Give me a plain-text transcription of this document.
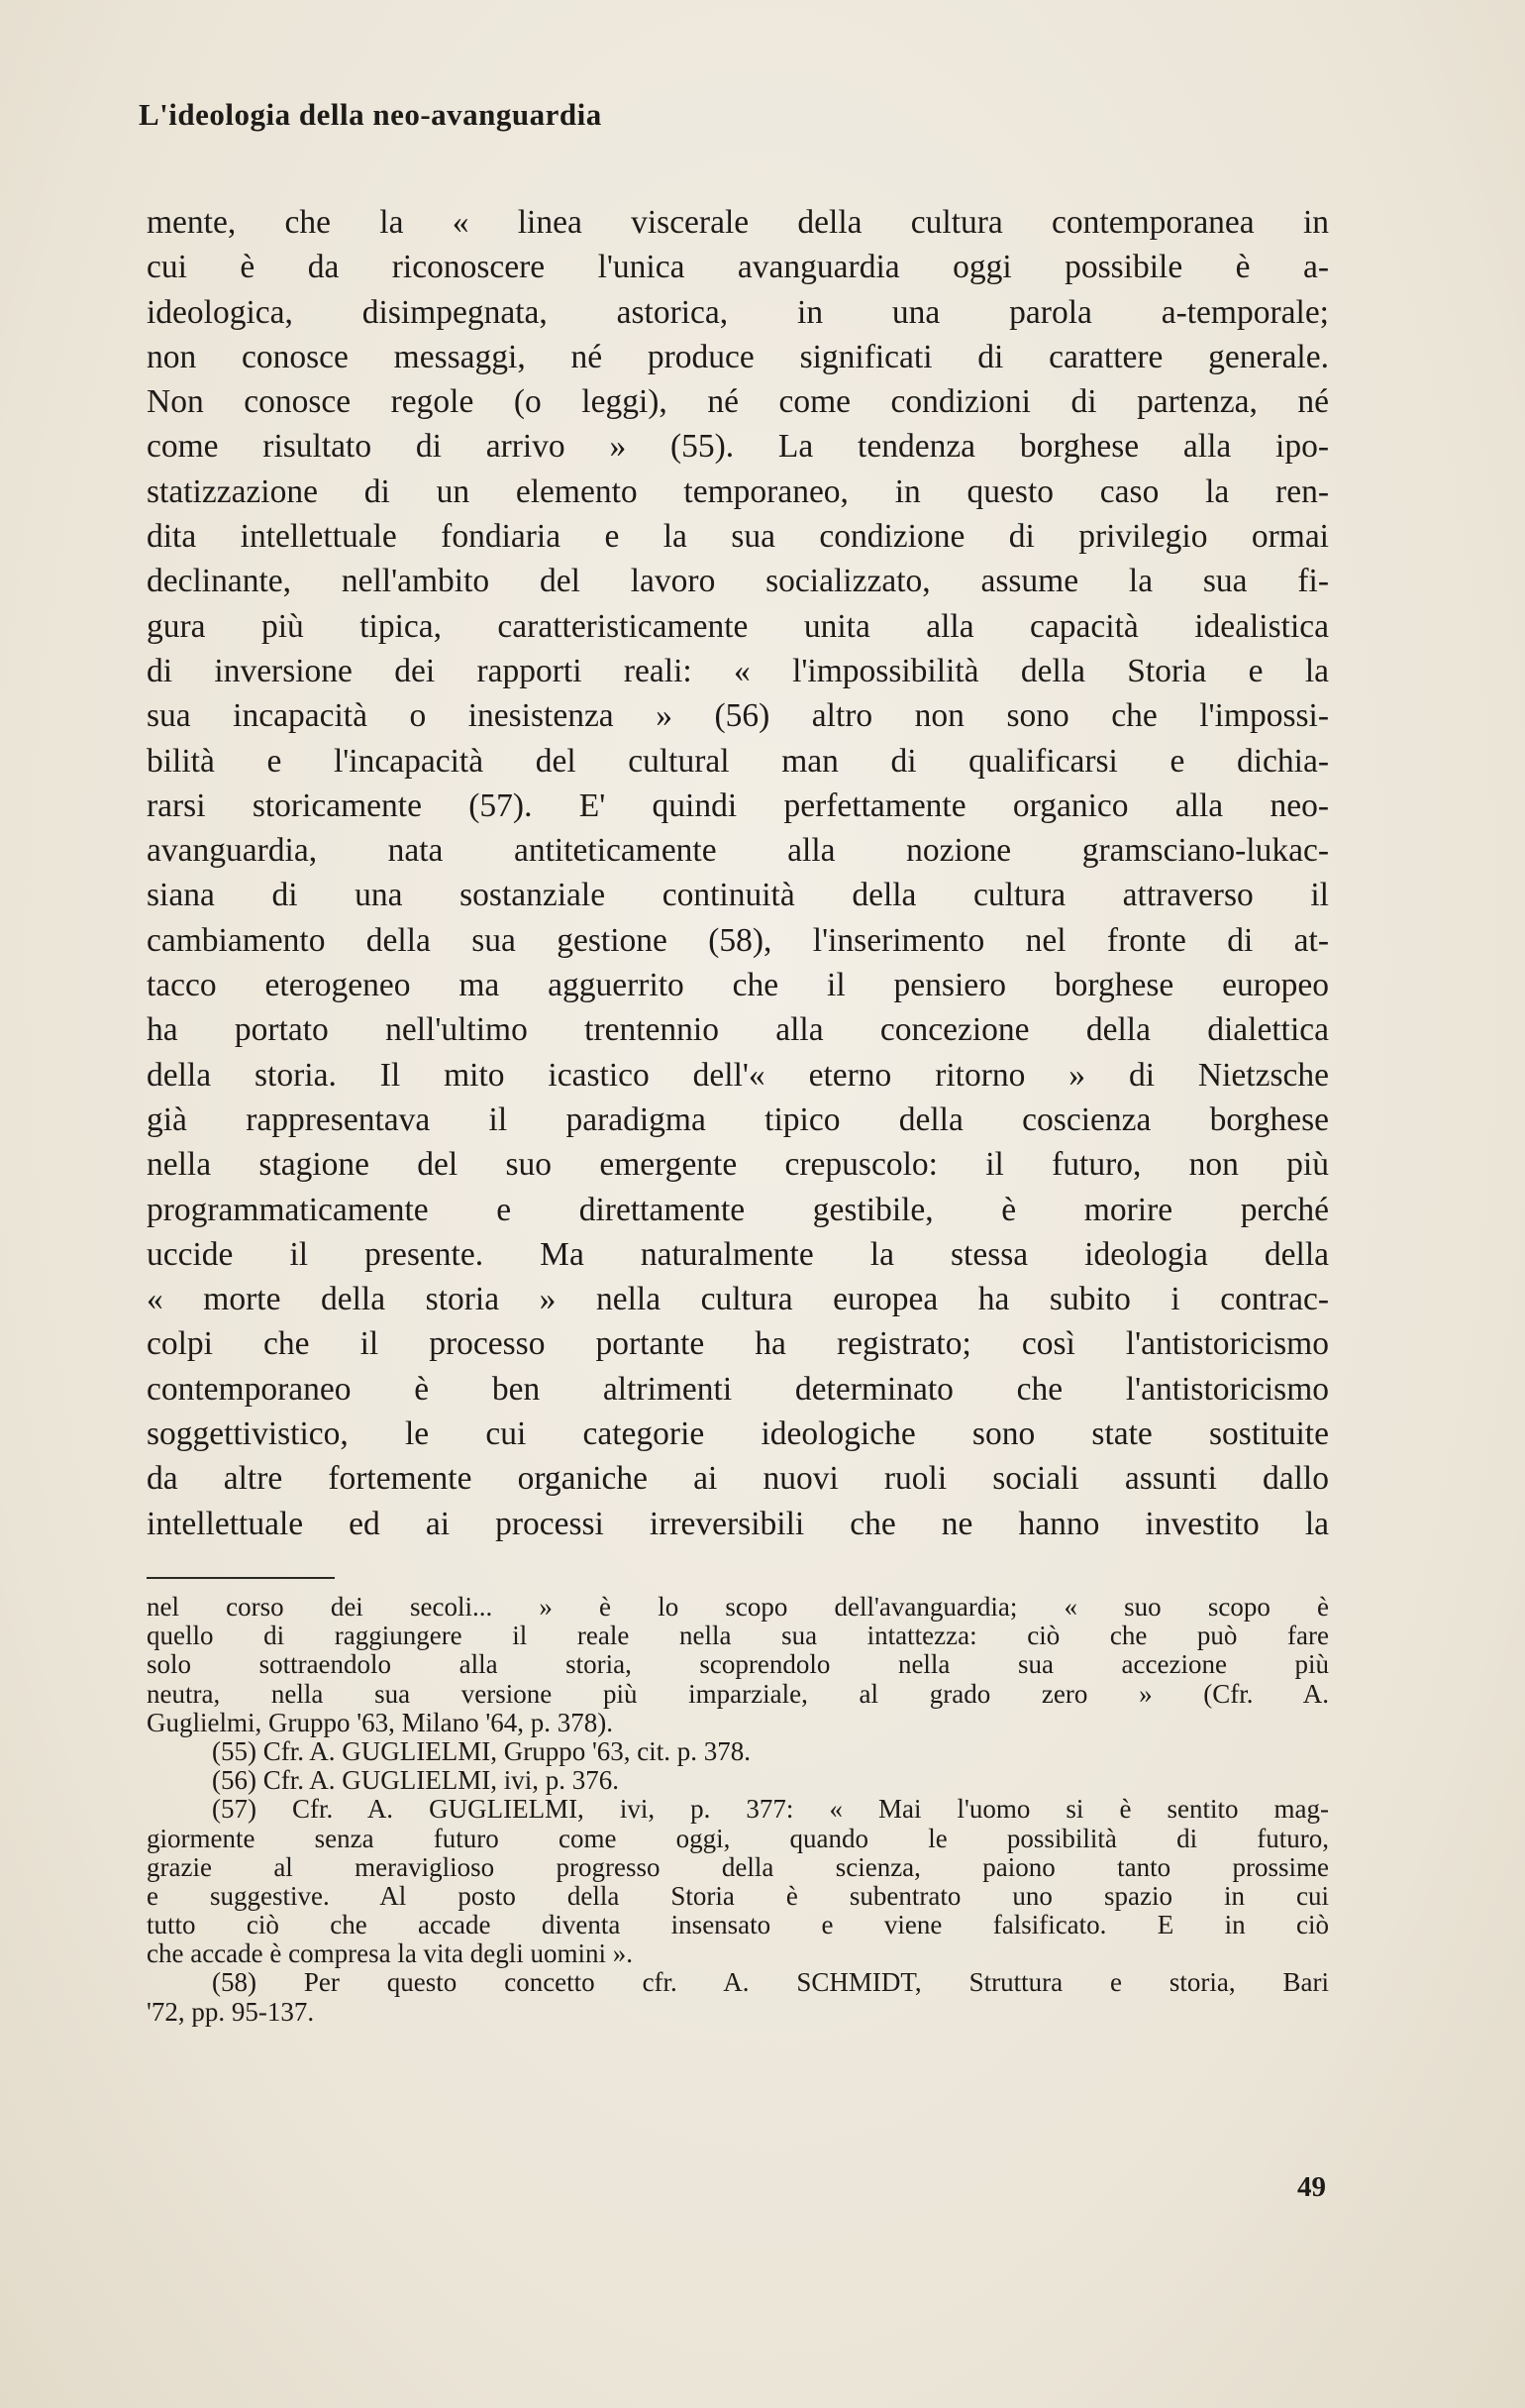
L'ideologia della neo-avanguardia
mente, che la « linea viscerale della cultura contemporanea in
cui è da riconoscere l'unica avanguardia oggi possibile è a-
ideologica, disimpegnata, astorica, in una parola a-temporale;
non conosce messaggi, né produce significati di carattere generale.
Non conosce regole (o leggi), né come condizioni di partenza, né
come risultato di arrivo » (55). La tendenza borghese alla ipo-
statizzazione di un elemento temporaneo, in questo caso la ren-
dita intellettuale fondiaria e la sua condizione di privilegio ormai
declinante, nell'ambito del lavoro socializzato, assume la sua fi-
gura più tipica, caratteristicamente unita alla capacità idealistica
di inversione dei rapporti reali: « l'impossibilità della Storia e la
sua incapacità o inesistenza » (56) altro non sono che l'impossi-
bilità e l'incapacità del cultural man di qualificarsi e dichia-
rarsi storicamente (57). E' quindi perfettamente organico alla neo-
avanguardia, nata antiteticamente alla nozione gramsciano-lukac-
siana di una sostanziale continuità della cultura attraverso il
cambiamento della sua gestione (58), l'inserimento nel fronte di at-
tacco eterogeneo ma agguerrito che il pensiero borghese europeo
ha portato nell'ultimo trentennio alla concezione della dialettica
della storia. Il mito icastico dell'« eterno ritorno » di Nietzsche
già rappresentava il paradigma tipico della coscienza borghese
nella stagione del suo emergente crepuscolo: il futuro, non più
programmaticamente e direttamente gestibile, è morire perché
uccide il presente. Ma naturalmente la stessa ideologia della
« morte della storia » nella cultura europea ha subito i contrac-
colpi che il processo portante ha registrato; così l'antistoricismo
contemporaneo è ben altrimenti determinato che l'antistoricismo
soggettivistico, le cui categorie ideologiche sono state sostituite
da altre fortemente organiche ai nuovi ruoli sociali assunti dallo
intellettuale ed ai processi irreversibili che ne hanno investito la
nel corso dei secoli... » è lo scopo dell'avanguardia; « suo scopo è
quello di raggiungere il reale nella sua intattezza: ciò che può fare
solo sottraendolo alla storia, scoprendolo nella sua accezione più
neutra, nella sua versione più imparziale, al grado zero » (Cfr. A.
Guglielmi, Gruppo '63, Milano '64, p. 378).
(55) Cfr. A. GUGLIELMI, Gruppo '63, cit. p. 378.
(56) Cfr. A. GUGLIELMI, ivi, p. 376.
(57) Cfr. A. GUGLIELMI, ivi, p. 377: « Mai l'uomo si è sentito mag-
giormente senza futuro come oggi, quando le possibilità di futuro,
grazie al meraviglioso progresso della scienza, paiono tanto prossime
e suggestive. Al posto della Storia è subentrato uno spazio in cui
tutto ciò che accade diventa insensato e viene falsificato. E in ciò
che accade è compresa la vita degli uomini ».
(58) Per questo concetto cfr. A. SCHMIDT, Struttura e storia, Bari
'72, pp. 95-137.
49
